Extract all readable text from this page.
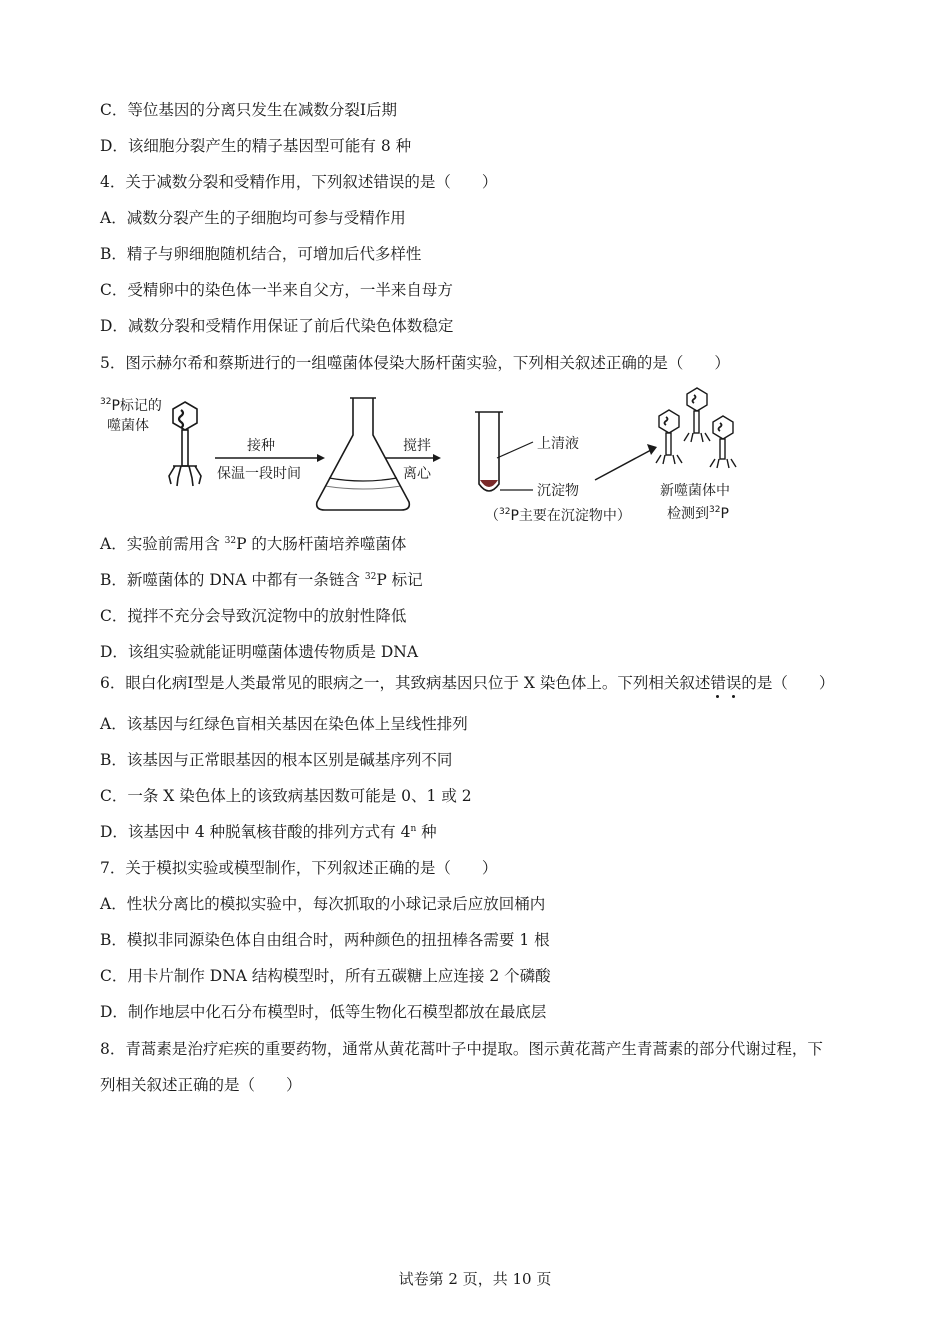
C．等位基因的分离只发生在减数分裂Ⅰ后期
D．该细胞分裂产生的精子基因型可能有 8 种
4．关于减数分裂和受精作用，下列叙述错误的是（　　）
A．减数分裂产生的子细胞均可参与受精作用
B．精子与卵细胞随机结合，可增加后代多样性
C．受精卵中的染色体一半来自父方，一半来自母方
D．减数分裂和受精作用保证了前后代染色体数稳定
5．图示赫尔希和蔡斯进行的一组噬菌体侵染大肠杆菌实验，下列相关叙述正确的是（　　）
$^{32}$P标记的
噬菌体
接种
保温一段时间
搅拌
离心
上清液
沉淀物
（$^{32}$P主要在沉淀物中）
新噬菌体中
检测到$^{32}$P
A．实验前需用含 $^{32}$P 的大肠杆菌培养噬菌体
B．新噬菌体的 DNA 中都有一条链含 $^{32}$P 标记
C．搅拌不充分会导致沉淀物中的放射性降低
D．该组实验就能证明噬菌体遗传物质是 DNA
6．眼白化病Ⅰ型是人类最常见的眼病之一，其致病基因只位于 X 染色体上。下列相关叙述错误
的是（　　）
A．该基因与红绿色盲相关基因在染色体上呈线性排列
B．该基因与正常眼基因的根本区别是碱基序列不同
C．一条 X 染色体上的该致病基因数可能是 0、1 或 2
D．该基因中 4 种脱氧核苷酸的排列方式有 4$^n$ 种
7．关于模拟实验或模型制作，下列叙述正确的是（　　）
A．性状分离比的模拟实验中，每次抓取的小球记录后应放回桶内
B．模拟非同源染色体自由组合时，两种颜色的扭扭棒各需要 1 根
C．用卡片制作 DNA 结构模型时，所有五碳糖上应连接 2 个磷酸
D．制作地层中化石分布模型时，低等生物化石模型都放在最底层
8．青蒿素是治疗疟疾的重要药物，通常从黄花蒿叶子中提取。图示黄花蒿产生青蒿素的部分代谢过程，下
列相关叙述正确的是（　　）
试卷第 2 页，共 10 页
